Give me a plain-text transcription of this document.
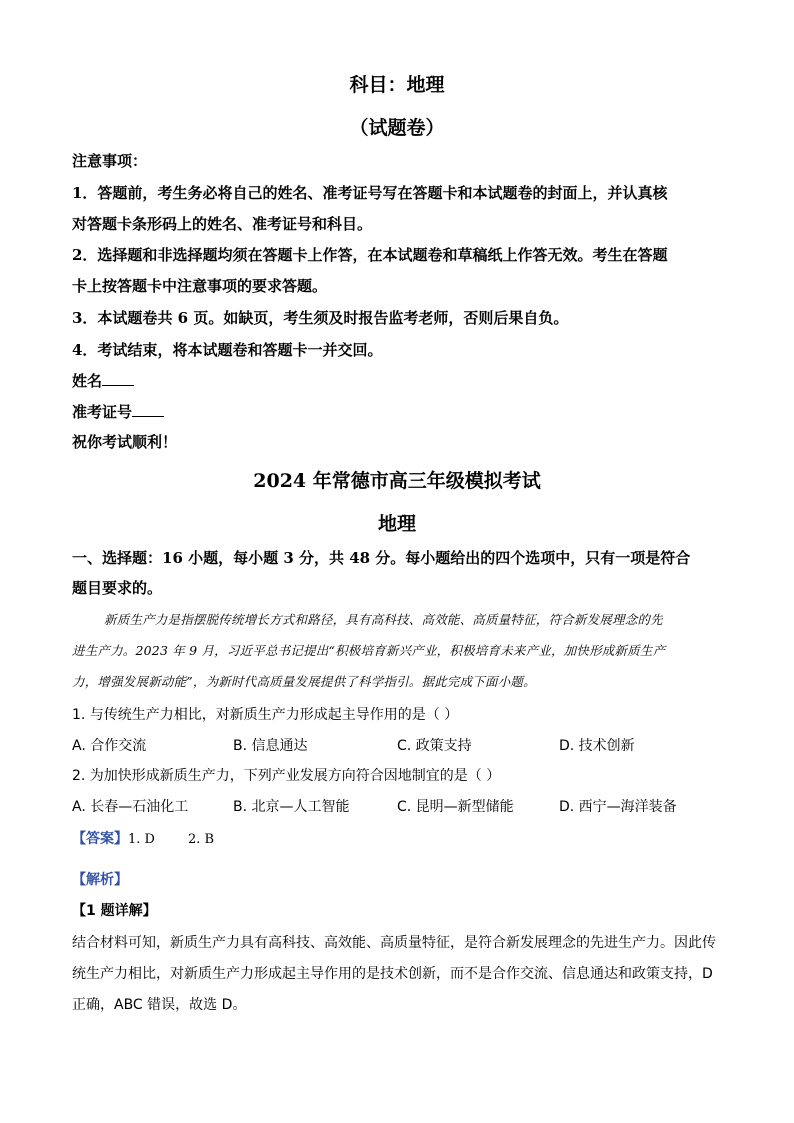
科目：地理
（试题卷）
注意事项：
1．答题前，考生务必将自己的姓名、准考证号写在答题卡和本试题卷的封面上，并认真核
对答题卡条形码上的姓名、准考证号和科目。
2．选择题和非选择题均须在答题卡上作答，在本试题卷和草稿纸上作答无效。考生在答题
卡上按答题卡中注意事项的要求答题。
3．本试题卷共 6 页。如缺页，考生须及时报告监考老师，否则后果自负。
4．考试结束，将本试题卷和答题卡一并交回。
姓名
准考证号
祝你考试顺利！
2024 年常德市高三年级模拟考试
地理
一、选择题：16 小题，每小题 3 分，共 48 分。每小题给出的四个选项中，只有一项是符合
题目要求的。
新质生产力是指摆脱传统增长方式和路径，具有高科技、高效能、高质量特征，符合新发展理念的先
进生产力。2023 年 9 月，习近平总书记提出“积极培育新兴产业，积极培育未来产业，加快形成新质生产
力，增强发展新动能”，为新时代高质量发展提供了科学指引。据此完成下面小题。
1. 与传统生产力相比，对新质生产力形成起主导作用的是（ ）
A. 合作交流	B. 信息通达	C. 政策支持	D. 技术创新
2. 为加快形成新质生产力，下列产业发展方向符合因地制宜的是（ ）
A. 长春—石油化工	B. 北京—人工智能	C. 昆明—新型储能	D. 西宁—海洋装备
【答案】1. D        2. B
【解析】
【1 题详解】
结合材料可知，新质生产力具有高科技、高效能、高质量特征，是符合新发展理念的先进生产力。因此传
统生产力相比，对新质生产力形成起主导作用的是技术创新，而不是合作交流、信息通达和政策支持，D
正确，ABC 错误，故选 D。
